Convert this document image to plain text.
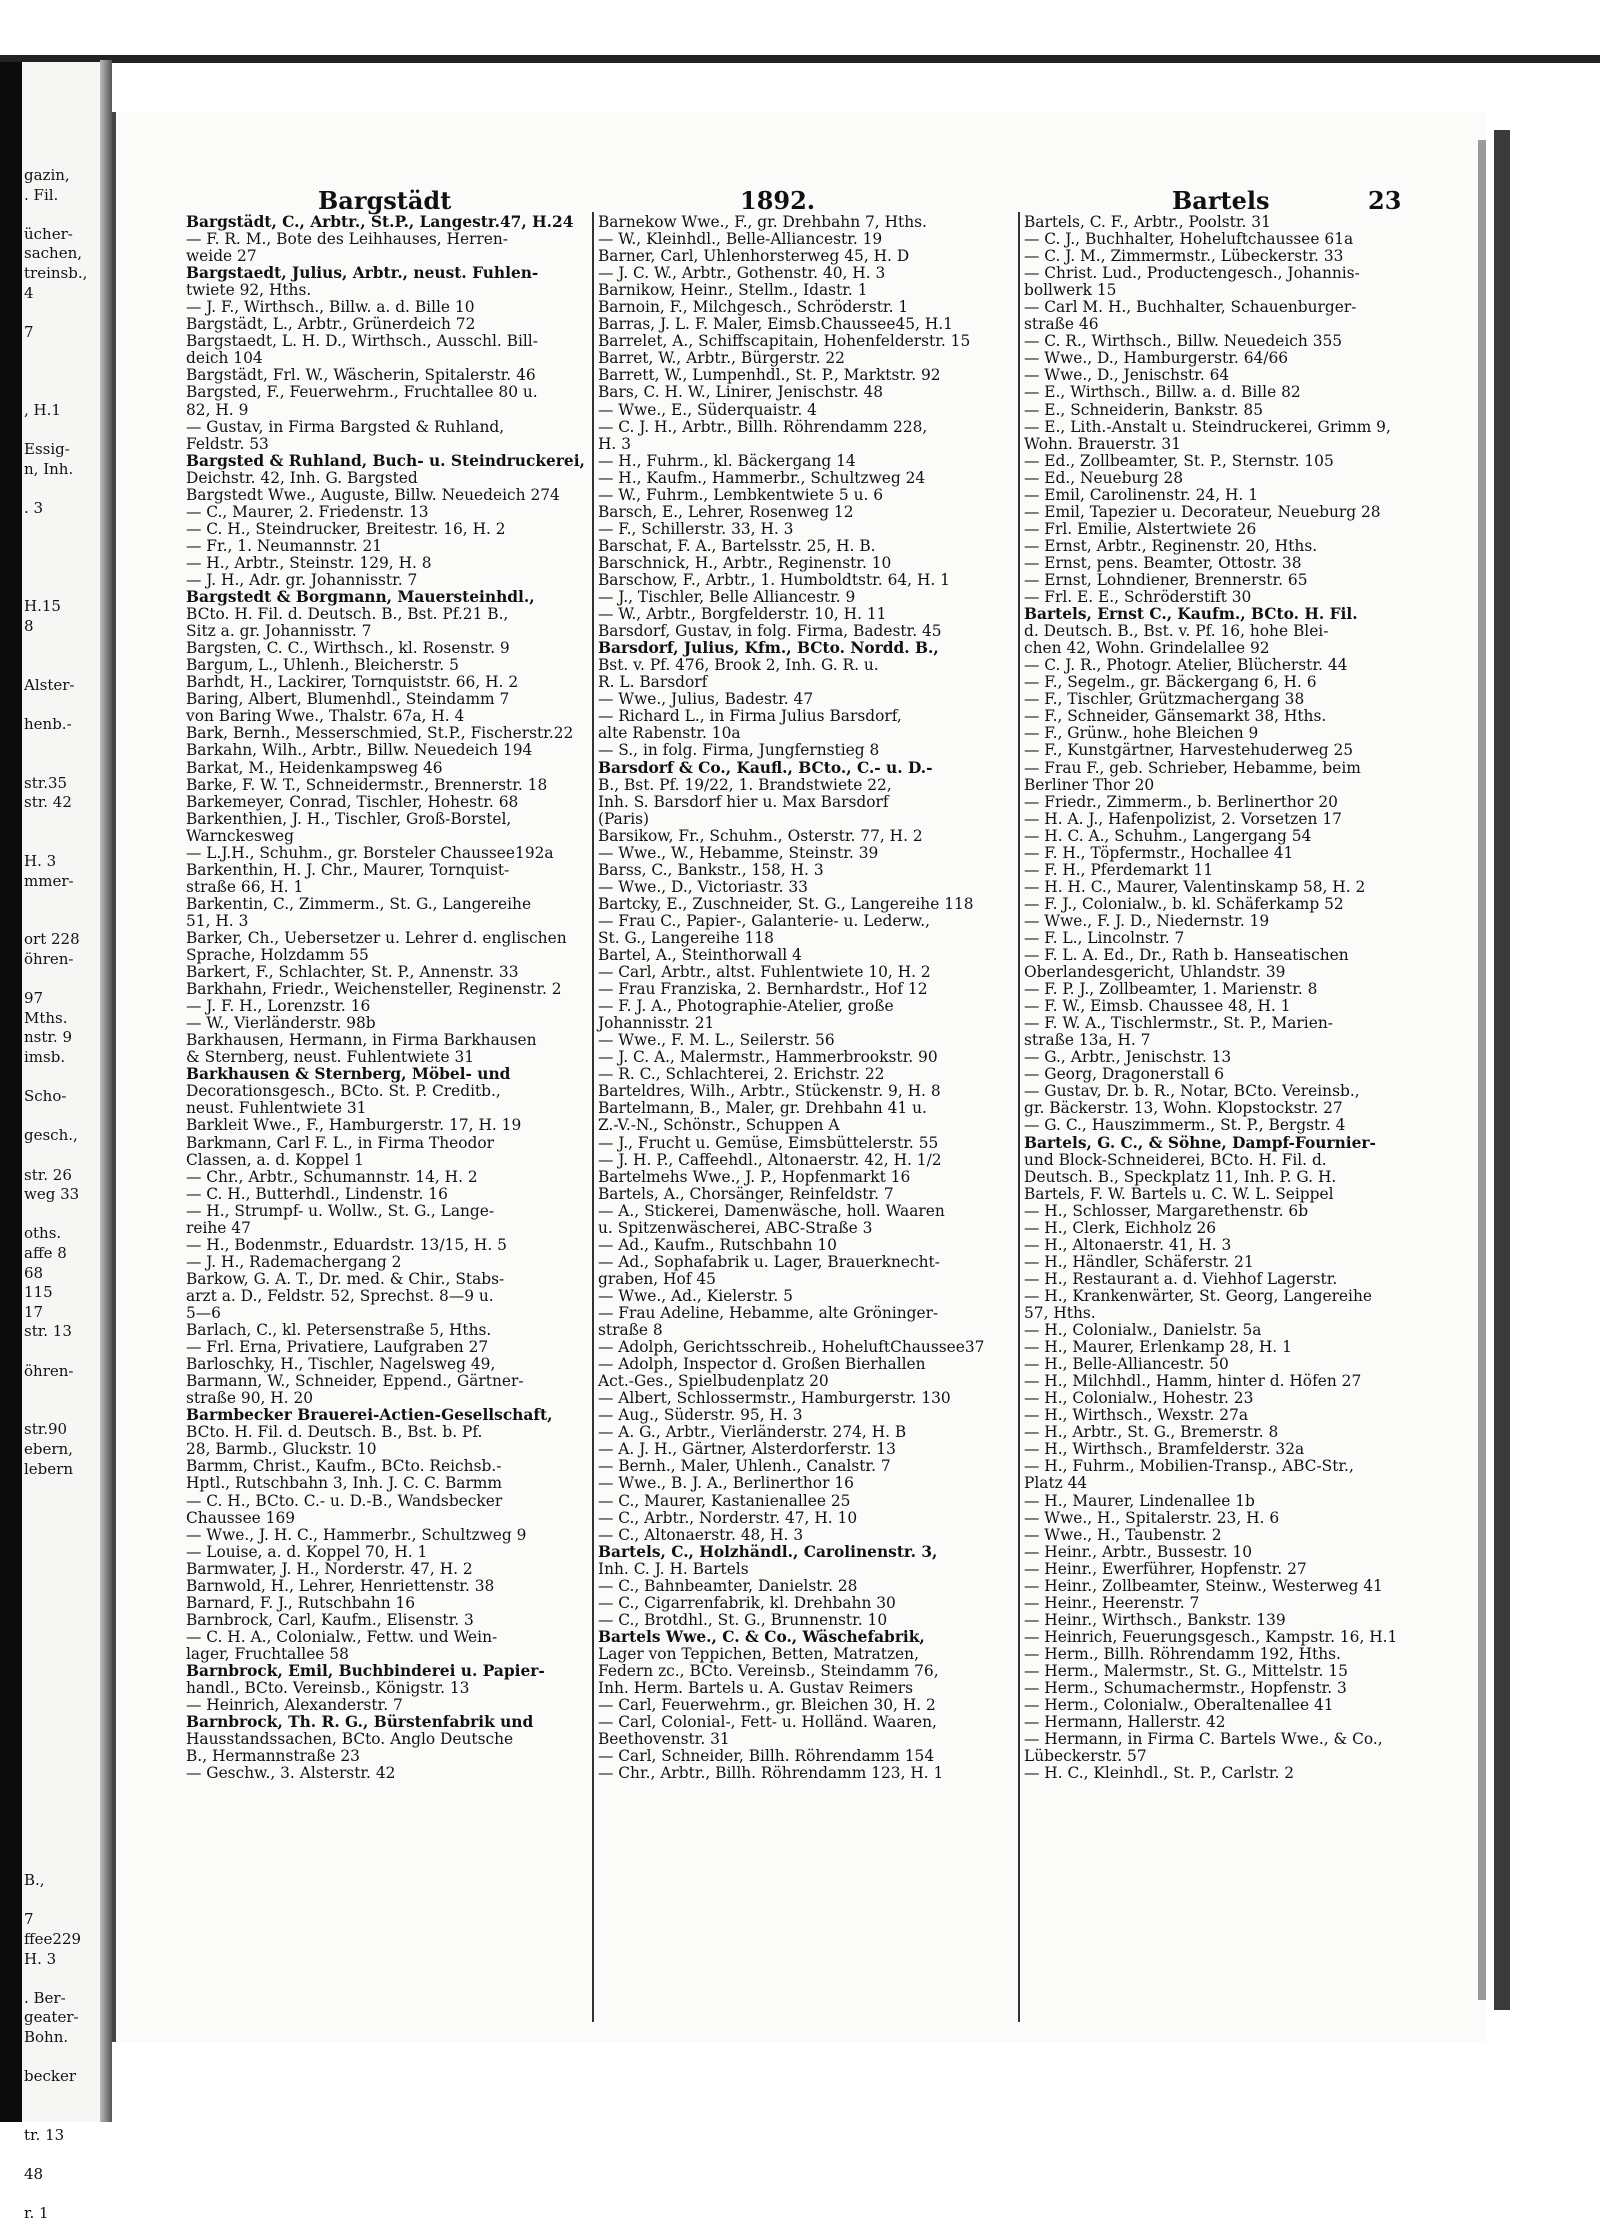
gazin,
. Fil.
ücher-
sachen,
treinsb.,
4
7
, H.1
Essig-
n, Inh.
. 3
H.15
8
Alster-
henb.-
str.35
str. 42
H. 3
mmer-
ort 228
öhren-
97
Mths.
nstr. 9
imsb.
Scho-
gesch.,
str. 26
weg 33
oths.
affe 8
68
115
17
str. 13
öhren-
str.90
ebern,
lebern
B.,
7
ffee229
H. 3
. Ber-
geater-
Bohn.
becker
tr. 13
48
r. 1
Bargstädt	1892.	Bartels	23
Bargstädt, C., Arbtr., St.P., Langestr.47, H.24
— F. R. M., Bote des Leihhauses, Herren-
weide 27
Bargstaedt, Julius, Arbtr., neust. Fuhlen-
twiete 92, Hths.
— J. F., Wirthsch., Billw. a. d. Bille 10
Bargstädt, L., Arbtr., Grünerdeich 72
Bargstaedt, L. H. D., Wirthsch., Ausschl. Bill-
deich 104
Bargstädt, Frl. W., Wäscherin, Spitalerstr. 46
Bargsted, F., Feuerwehrm., Fruchtallee 80 u.
82, H. 9
— Gustav, in Firma Bargsted & Ruhland,
Feldstr. 53
Bargsted & Ruhland, Buch- u. Steindruckerei,
Deichstr. 42, Inh. G. Bargsted
Bargstedt Wwe., Auguste, Billw. Neuedeich 274
— C., Maurer, 2. Friedenstr. 13
— C. H., Steindrucker, Breitestr. 16, H. 2
— Fr., 1. Neumannstr. 21
— H., Arbtr., Steinstr. 129, H. 8
— J. H., Adr. gr. Johannisstr. 7
Bargstedt & Borgmann, Mauersteinhdl.,
BCto. H. Fil. d. Deutsch. B., Bst. Pf.21 B.,
Sitz a. gr. Johannisstr. 7
Bargsten, C. C., Wirthsch., kl. Rosenstr. 9
Bargum, L., Uhlenh., Bleicherstr. 5
Barhdt, H., Lackirer, Tornquiststr. 66, H. 2
Baring, Albert, Blumenhdl., Steindamm 7
von Baring Wwe., Thalstr. 67a, H. 4
Bark, Bernh., Messerschmied, St.P., Fischerstr.22
Barkahn, Wilh., Arbtr., Billw. Neuedeich 194
Barkat, M., Heidenkampsweg 46
Barke, F. W. T., Schneidermstr., Brennerstr. 18
Barkemeyer, Conrad, Tischler, Hohestr. 68
Barkenthien, J. H., Tischler, Groß-Borstel,
Warnckesweg
— L.J.H., Schuhm., gr. Borsteler Chaussee192a
Barkenthin, H. J. Chr., Maurer, Tornquist-
straße 66, H. 1
Barkentin, C., Zimmerm., St. G., Langereihe
51, H. 3
Barker, Ch., Uebersetzer u. Lehrer d. englischen
Sprache, Holzdamm 55
Barkert, F., Schlachter, St. P., Annenstr. 33
Barkhahn, Friedr., Weichensteller, Reginenstr. 2
— J. F. H., Lorenzstr. 16
— W., Vierländerstr. 98b
Barkhausen, Hermann, in Firma Barkhausen
& Sternberg, neust. Fuhlentwiete 31
Barkhausen & Sternberg, Möbel- und
Decorationsgesch., BCto. St. P. Creditb.,
neust. Fuhlentwiete 31
Barkleit Wwe., F., Hamburgerstr. 17, H. 19
Barkmann, Carl F. L., in Firma Theodor
Classen, a. d. Koppel 1
— Chr., Arbtr., Schumannstr. 14, H. 2
— C. H., Butterhdl., Lindenstr. 16
— H., Strumpf- u. Wollw., St. G., Lange-
reihe 47
— H., Bodenmstr., Eduardstr. 13/15, H. 5
— J. H., Rademachergang 2
Barkow, G. A. T., Dr. med. & Chir., Stabs-
arzt a. D., Feldstr. 52, Sprechst. 8—9 u.
5—6
Barlach, C., kl. Petersenstraße 5, Hths.
— Frl. Erna, Privatiere, Laufgraben 27
Barloschky, H., Tischler, Nagelsweg 49,
Barmann, W., Schneider, Eppend., Gärtner-
straße 90, H. 20
Barmbecker Brauerei-Actien-Gesellschaft,
BCto. H. Fil. d. Deutsch. B., Bst. b. Pf.
28, Barmb., Gluckstr. 10
Barmm, Christ., Kaufm., BCto. Reichsb.-
Hptl., Rutschbahn 3, Inh. J. C. C. Barmm
— C. H., BCto. C.- u. D.-B., Wandsbecker
Chaussee 169
— Wwe., J. H. C., Hammerbr., Schultzweg 9
— Louise, a. d. Koppel 70, H. 1
Barmwater, J. H., Norderstr. 47, H. 2
Barnwold, H., Lehrer, Henriettenstr. 38
Barnard, F. J., Rutschbahn 16
Barnbrock, Carl, Kaufm., Elisenstr. 3
— C. H. A., Colonialw., Fettw. und Wein-
lager, Fruchtallee 58
Barnbrock, Emil, Buchbinderei u. Papier-
handl., BCto. Vereinsb., Königstr. 13
— Heinrich, Alexanderstr. 7
Barnbrock, Th. R. G., Bürstenfabrik und
Hausstandssachen, BCto. Anglo Deutsche
B., Hermannstraße 23
— Geschw., 3. Alsterstr. 42
Barnekow Wwe., F., gr. Drehbahn 7, Hths.
— W., Kleinhdl., Belle-Alliancestr. 19
Barner, Carl, Uhlenhorsterweg 45, H. D
— J. C. W., Arbtr., Gothenstr. 40, H. 3
Barnikow, Heinr., Stellm., Idastr. 1
Barnoin, F., Milchgesch., Schröderstr. 1
Barras, J. L. F. Maler, Eimsb.Chaussee45, H.1
Barrelet, A., Schiffscapitain, Hohenfelderstr. 15
Barret, W., Arbtr., Bürgerstr. 22
Barrett, W., Lumpenhdl., St. P., Marktstr. 92
Bars, C. H. W., Linirer, Jenischstr. 48
— Wwe., E., Süderquaistr. 4
— C. J. H., Arbtr., Billh. Röhrendamm 228,
H. 3
— H., Fuhrm., kl. Bäckergang 14
— H., Kaufm., Hammerbr., Schultzweg 24
— W., Fuhrm., Lembkentwiete 5 u. 6
Barsch, E., Lehrer, Rosenweg 12
— F., Schillerstr. 33, H. 3
Barschat, F. A., Bartelsstr. 25, H. B.
Barschnick, H., Arbtr., Reginenstr. 10
Barschow, F., Arbtr., 1. Humboldtstr. 64, H. 1
— J., Tischler, Belle Alliancestr. 9
— W., Arbtr., Borgfelderstr. 10, H. 11
Barsdorf, Gustav, in folg. Firma, Badestr. 45
Barsdorf, Julius, Kfm., BCto. Nordd. B.,
Bst. v. Pf. 476, Brook 2, Inh. G. R. u.
R. L. Barsdorf
— Wwe., Julius, Badestr. 47
— Richard L., in Firma Julius Barsdorf,
alte Rabenstr. 10a
— S., in folg. Firma, Jungfernstieg 8
Barsdorf & Co., Kaufl., BCto., C.- u. D.-
B., Bst. Pf. 19/22, 1. Brandstwiete 22,
Inh. S. Barsdorf hier u. Max Barsdorf
(Paris)
Barsikow, Fr., Schuhm., Osterstr. 77, H. 2
— Wwe., W., Hebamme, Steinstr. 39
Barss, C., Bankstr., 158, H. 3
— Wwe., D., Victoriastr. 33
Bartcky, E., Zuschneider, St. G., Langereihe 118
— Frau C., Papier-, Galanterie- u. Lederw.,
St. G., Langereihe 118
Bartel, A., Steinthorwall 4
— Carl, Arbtr., altst. Fuhlentwiete 10, H. 2
— Frau Franziska, 2. Bernhardstr., Hof 12
— F. J. A., Photographie-Atelier, große
Johannisstr. 21
— Wwe., F. M. L., Seilerstr. 56
— J. C. A., Malermstr., Hammerbrookstr. 90
— R. C., Schlachterei, 2. Erichstr. 22
Barteldres, Wilh., Arbtr., Stückenstr. 9, H. 8
Bartelmann, B., Maler, gr. Drehbahn 41 u.
Z.-V.-N., Schönstr., Schuppen A
— J., Frucht u. Gemüse, Eimsbüttelerstr. 55
— J. H. P., Caffeehdl., Altonaerstr. 42, H. 1/2
Bartelmehs Wwe., J. P., Hopfenmarkt 16
Bartels, A., Chorsänger, Reinfeldstr. 7
— A., Stickerei, Damenwäsche, holl. Waaren
u. Spitzenwäscherei, ABC-Straße 3
— Ad., Kaufm., Rutschbahn 10
— Ad., Sophafabrik u. Lager, Brauerknecht-
graben, Hof 45
— Wwe., Ad., Kielerstr. 5
— Frau Adeline, Hebamme, alte Gröninger-
straße 8
— Adolph, Gerichtsschreib., HoheluftChaussee37
— Adolph, Inspector d. Großen Bierhallen
Act.-Ges., Spielbudenplatz 20
— Albert, Schlossermstr., Hamburgerstr. 130
— Aug., Süderstr. 95, H. 3
— A. G., Arbtr., Vierländerstr. 274, H. B
— A. J. H., Gärtner, Alsterdorferstr. 13
— Bernh., Maler, Uhlenh., Canalstr. 7
— Wwe., B. J. A., Berlinerthor 16
— C., Maurer, Kastanienallee 25
— C., Arbtr., Norderstr. 47, H. 10
— C., Altonaerstr. 48, H. 3
Bartels, C., Holzhändl., Carolinenstr. 3,
Inh. C. J. H. Bartels
— C., Bahnbeamter, Danielstr. 28
— C., Cigarrenfabrik, kl. Drehbahn 30
— C., Brotdhl., St. G., Brunnenstr. 10
Bartels Wwe., C. & Co., Wäschefabrik,
Lager von Teppichen, Betten, Matratzen,
Federn zc., BCto. Vereinsb., Steindamm 76,
Inh. Herm. Bartels u. A. Gustav Reimers
— Carl, Feuerwehrm., gr. Bleichen 30, H. 2
— Carl, Colonial-, Fett- u. Holländ. Waaren,
Beethovenstr. 31
— Carl, Schneider, Billh. Röhrendamm 154
— Chr., Arbtr., Billh. Röhrendamm 123, H. 1
Bartels, C. F., Arbtr., Poolstr. 31
— C. J., Buchhalter, Hoheluftchaussee 61a
— C. J. M., Zimmermstr., Lübeckerstr. 33
— Christ. Lud., Productengesch., Johannis-
bollwerk 15
— Carl M. H., Buchhalter, Schauenburger-
straße 46
— C. R., Wirthsch., Billw. Neuedeich 355
— Wwe., D., Hamburgerstr. 64/66
— Wwe., D., Jenischstr. 64
— E., Wirthsch., Billw. a. d. Bille 82
— E., Schneiderin, Bankstr. 85
— E., Lith.-Anstalt u. Steindruckerei, Grimm 9,
Wohn. Brauerstr. 31
— Ed., Zollbeamter, St. P., Sternstr. 105
— Ed., Neueburg 28
— Emil, Carolinenstr. 24, H. 1
— Emil, Tapezier u. Decorateur, Neueburg 28
— Frl. Emilie, Alstertwiete 26
— Ernst, Arbtr., Reginenstr. 20, Hths.
— Ernst, pens. Beamter, Ottostr. 38
— Ernst, Lohndiener, Brennerstr. 65
— Frl. E. E., Schröderstift 30
Bartels, Ernst C., Kaufm., BCto. H. Fil.
d. Deutsch. B., Bst. v. Pf. 16, hohe Blei-
chen 42, Wohn. Grindelallee 92
— C. J. R., Photogr. Atelier, Blücherstr. 44
— F., Segelm., gr. Bäckergang 6, H. 6
— F., Tischler, Grützmachergang 38
— F., Schneider, Gänsemarkt 38, Hths.
— F., Grünw., hohe Bleichen 9
— F., Kunstgärtner, Harvestehuderweg 25
— Frau F., geb. Schrieber, Hebamme, beim
Berliner Thor 20
— Friedr., Zimmerm., b. Berlinerthor 20
— H. A. J., Hafenpolizist, 2. Vorsetzen 17
— H. C. A., Schuhm., Langergang 54
— F. H., Töpfermstr., Hochallee 41
— F. H., Pferdemarkt 11
— H. H. C., Maurer, Valentinskamp 58, H. 2
— F. J., Colonialw., b. kl. Schäferkamp 52
— Wwe., F. J. D., Niedernstr. 19
— F. L., Lincolnstr. 7
— F. L. A. Ed., Dr., Rath b. Hanseatischen
Oberlandesgericht, Uhlandstr. 39
— F. P. J., Zollbeamter, 1. Marienstr. 8
— F. W., Eimsb. Chaussee 48, H. 1
— F. W. A., Tischlermstr., St. P., Marien-
straße 13a, H. 7
— G., Arbtr., Jenischstr. 13
— Georg, Dragonerstall 6
— Gustav, Dr. b. R., Notar, BCto. Vereinsb.,
gr. Bäckerstr. 13, Wohn. Klopstockstr. 27
— G. C., Hauszimmerm., St. P., Bergstr. 4
Bartels, G. C., & Söhne, Dampf-Fournier-
und Block-Schneiderei, BCto. H. Fil. d.
Deutsch. B., Speckplatz 11, Inh. P. G. H.
Bartels, F. W. Bartels u. C. W. L. Seippel
— H., Schlosser, Margarethenstr. 6b
— H., Clerk, Eichholz 26
— H., Altonaerstr. 41, H. 3
— H., Händler, Schäferstr. 21
— H., Restaurant a. d. Viehhof Lagerstr.
— H., Krankenwärter, St. Georg, Langereihe
57, Hths.
— H., Colonialw., Danielstr. 5a
— H., Maurer, Erlenkamp 28, H. 1
— H., Belle-Alliancestr. 50
— H., Milchhdl., Hamm, hinter d. Höfen 27
— H., Colonialw., Hohestr. 23
— H., Wirthsch., Wexstr. 27a
— H., Arbtr., St. G., Bremerstr. 8
— H., Wirthsch., Bramfelderstr. 32a
— H., Fuhrm., Mobilien-Transp., ABC-Str.,
Platz 44
— H., Maurer, Lindenallee 1b
— Wwe., H., Spitalerstr. 23, H. 6
— Wwe., H., Taubenstr. 2
— Heinr., Arbtr., Bussestr. 10
— Heinr., Ewerführer, Hopfenstr. 27
— Heinr., Zollbeamter, Steinw., Westerweg 41
— Heinr., Heerenstr. 7
— Heinr., Wirthsch., Bankstr. 139
— Heinrich, Feuerungsgesch., Kampstr. 16, H.1
— Herm., Billh. Röhrendamm 192, Hths.
— Herm., Malermstr., St. G., Mittelstr. 15
— Herm., Schumachermstr., Hopfenstr. 3
— Herm., Colonialw., Oberaltenallee 41
— Hermann, Hallerstr. 42
— Hermann, in Firma C. Bartels Wwe., & Co.,
Lübeckerstr. 57
— H. C., Kleinhdl., St. P., Carlstr. 2
